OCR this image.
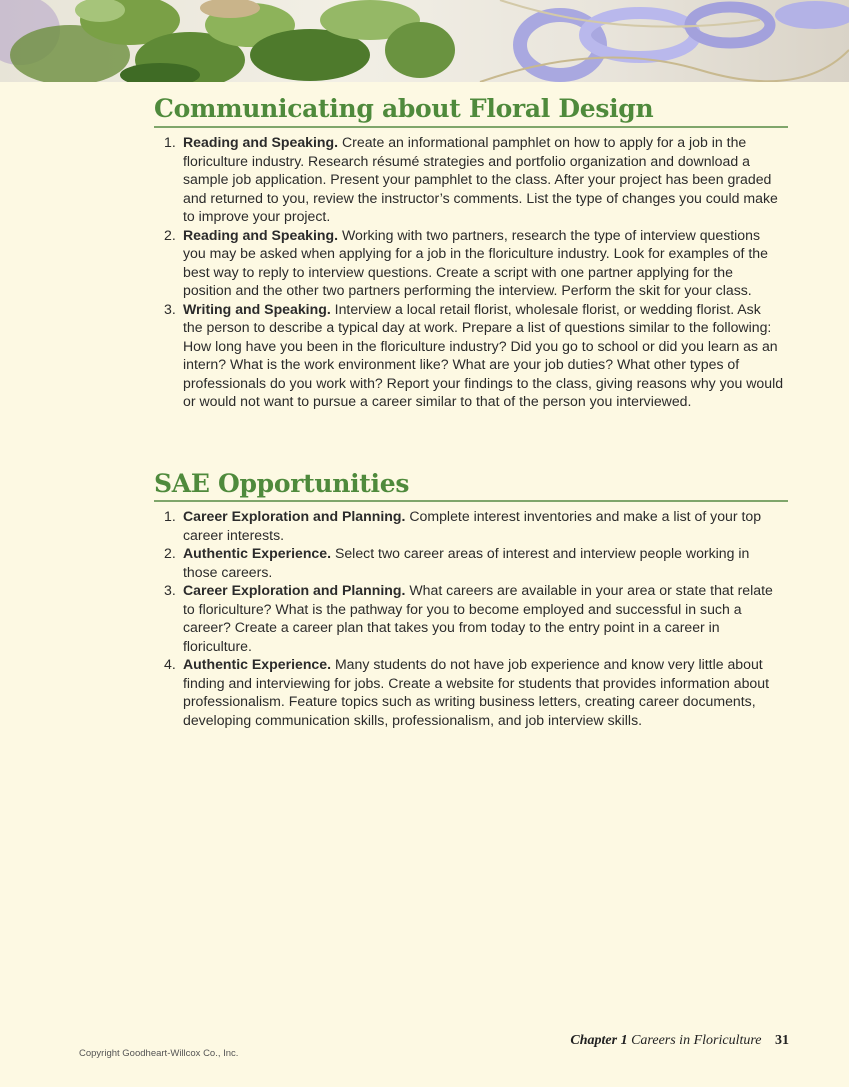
Communicating about Floral Design
1. Reading and Speaking. Create an informational pamphlet on how to apply for a job in the floriculture industry. Research résumé strategies and portfolio organization and download a sample job application. Present your pamphlet to the class. After your project has been graded and returned to you, review the instructor’s comments. List the type of changes you could make to improve your project.
2. Reading and Speaking. Working with two partners, research the type of interview questions you may be asked when applying for a job in the floriculture industry. Look for examples of the best way to reply to interview questions. Create a script with one partner applying for the position and the other two partners performing the interview. Perform the skit for your class.
3. Writing and Speaking. Interview a local retail florist, wholesale florist, or wedding florist. Ask the person to describe a typical day at work. Prepare a list of questions similar to the following: How long have you been in the floriculture industry? Did you go to school or did you learn as an intern? What is the work environment like? What are your job duties? What other types of professionals do you work with? Report your findings to the class, giving reasons why you would or would not want to pursue a career similar to that of the person you interviewed.
SAE Opportunities
1. Career Exploration and Planning. Complete interest inventories and make a list of your top career interests.
2. Authentic Experience. Select two career areas of interest and interview people working in those careers.
3. Career Exploration and Planning. What careers are available in your area or state that relate to floriculture? What is the pathway for you to become employed and successful in such a career? Create a career plan that takes you from today to the entry point in a career in floriculture.
4. Authentic Experience. Many students do not have job experience and know very little about finding and interviewing for jobs. Create a website for students that provides information about professionalism. Feature topics such as writing business letters, creating career documents, developing communication skills, professionalism, and job interview skills.
Chapter 1 Careers in Floriculture 31
Copyright Goodheart-Willcox Co., Inc.
